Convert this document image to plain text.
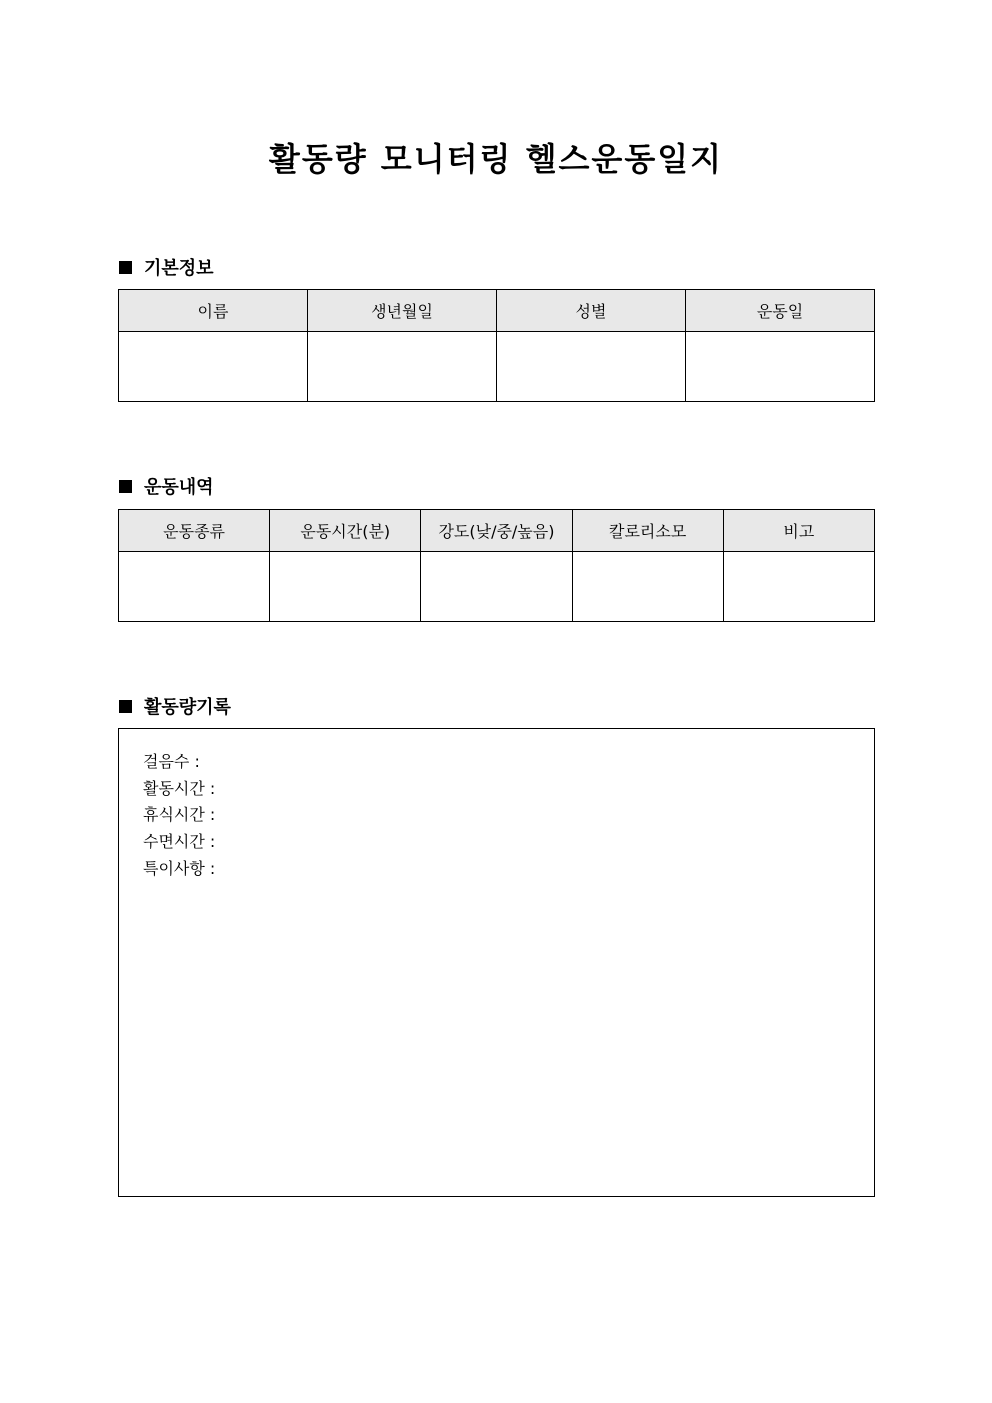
활동량 모니터링 헬스운동일지
기본정보
이름	생년월일	성별	운동일

운동내역
운동종류	운동시간(분)	강도(낮/중/높음)	칼로리소모	비고

활동량기록
걸음수 :
활동시간 :
휴식시간 :
수면시간 :
특이사항 :
